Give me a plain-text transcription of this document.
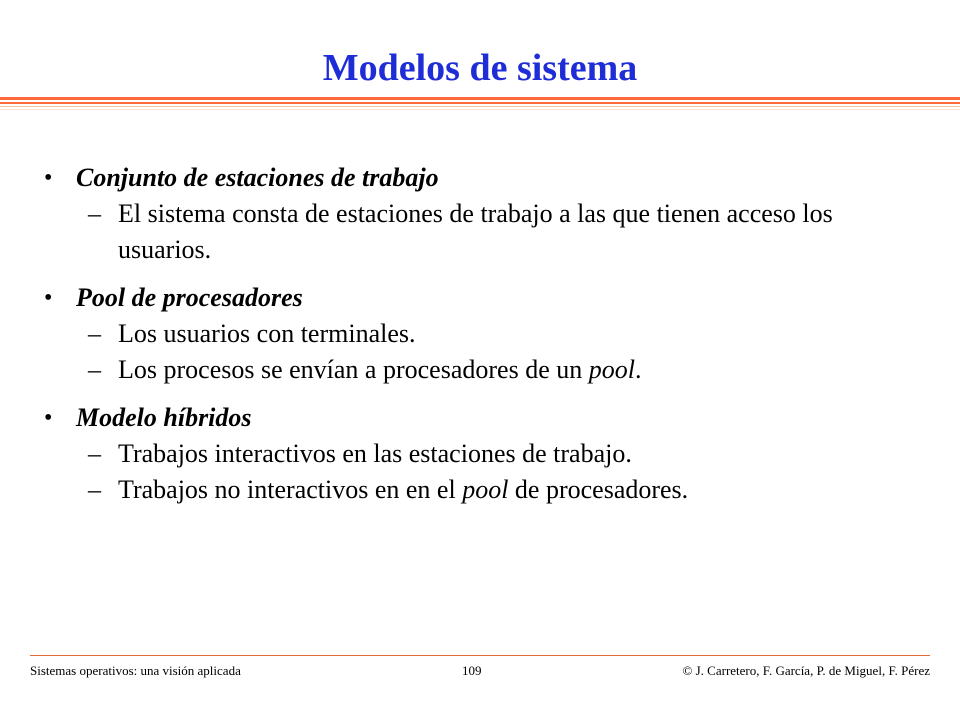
Modelos de sistema
• Conjunto de estaciones de trabajo
– El sistema consta de estaciones de trabajo a las que tienen acceso los usuarios.
• Pool de procesadores
– Los usuarios con terminales.
– Los procesos se envían a procesadores de un pool.
• Modelo híbridos
– Trabajos interactivos en las estaciones de trabajo.
– Trabajos no interactivos en en el pool de procesadores.
Sistemas operativos: una visión aplicada	109	© J. Carretero, F. García, P. de Miguel, F. Pérez
